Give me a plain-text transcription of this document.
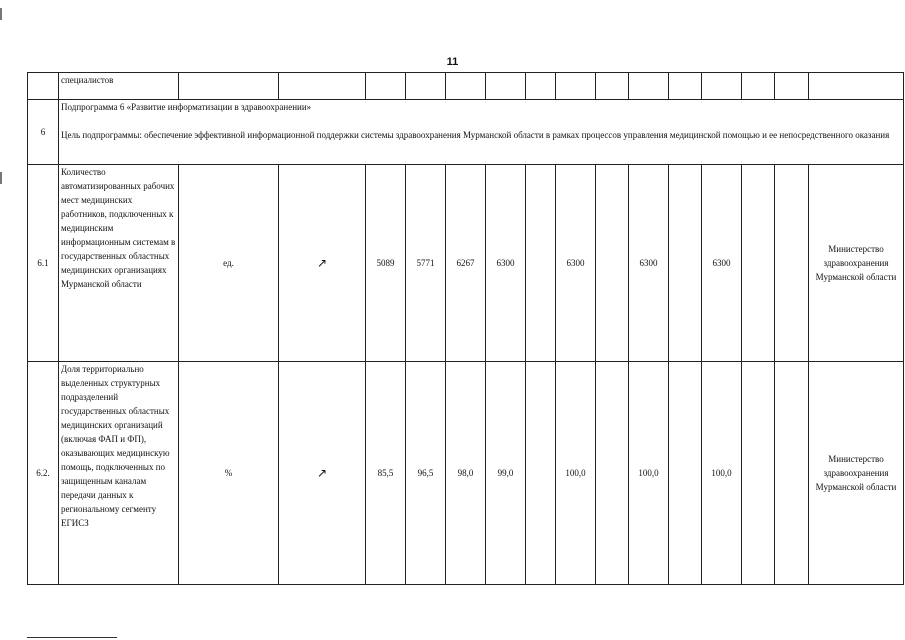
11
	специалистов															
6	Подпрограмма 6 «Развитие информатизации в здравоохранении»

Цель подпрограммы: обеспечение эффективной информационной поддержки системы здравоохранения Мурманской области в рамках процессов управления медицинской помощью и ее непосредственного оказания															

6.1	Количество автоматизированных рабочих мест медицинских работников, подключенных к медицинским информационным системам в государственных областных медицинских организациях Мурманской области	ед.	↗	5089	5771	6267	6300		6300		6300		6300			Министерство здравоохранения Мурманской области
6.2.	Доля территориально выделенных структурных подразделений государственных областных медицинских организаций (включая ФАП и ФП), оказывающих медицинскую помощь, подключенных по защищенным каналам передачи данных к региональному сегменту ЕГИСЗ	%	↗	85,5	96,5	98,0	99,0		100,0		100,0		100,0			Министерство здравоохранения Мурманской области
